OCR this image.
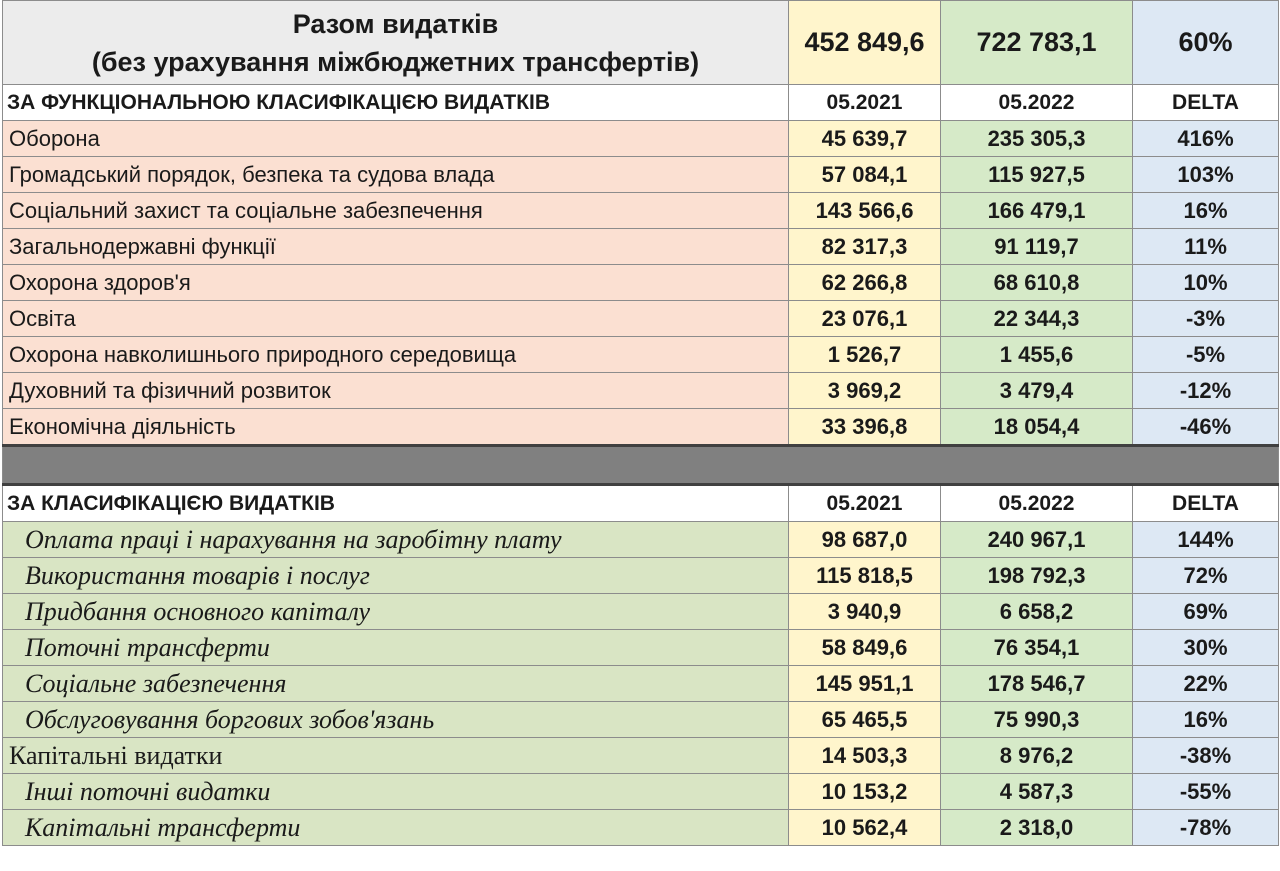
Разом видатків
(без урахування міжбюджетних трансфертів)	452 849,6	722 783,1	60%
ЗА ФУНКЦІОНАЛЬНОЮ КЛАСИФІКАЦІЄЮ ВИДАТКІВ	05.2021	05.2022	DELTA
Оборона	45 639,7	235 305,3	416%
Громадський порядок, безпека та судова влада	57 084,1	115 927,5	103%
Соціальний захист та соціальне забезпечення	143 566,6	166 479,1	16%
Загальнодержавні функції	82 317,3	91 119,7	11%
Охорона здоров'я	62 266,8	68 610,8	10%
Освіта	23 076,1	22 344,3	-3%
Охорона навколишнього природного середовища	1 526,7	1 455,6	-5%
Духовний та фізичний розвиток	3 969,2	3 479,4	-12%
Економічна діяльність	33 396,8	18 054,4	-46%

ЗА КЛАСИФІКАЦІЄЮ ВИДАТКІВ	05.2021	05.2022	DELTA
Оплата праці і нарахування на заробітну плату	98 687,0	240 967,1	144%
Використання товарів і послуг	115 818,5	198 792,3	72%
Придбання основного капіталу	3 940,9	6 658,2	69%
Поточні трансферти	58 849,6	76 354,1	30%
Соціальне забезпечення	145 951,1	178 546,7	22%
Обслуговування боргових зобов'язань	65 465,5	75 990,3	16%
Капітальні видатки	14 503,3	8 976,2	-38%
Інші поточні видатки	10 153,2	4 587,3	-55%
Капітальні трансферти	10 562,4	2 318,0	-78%
